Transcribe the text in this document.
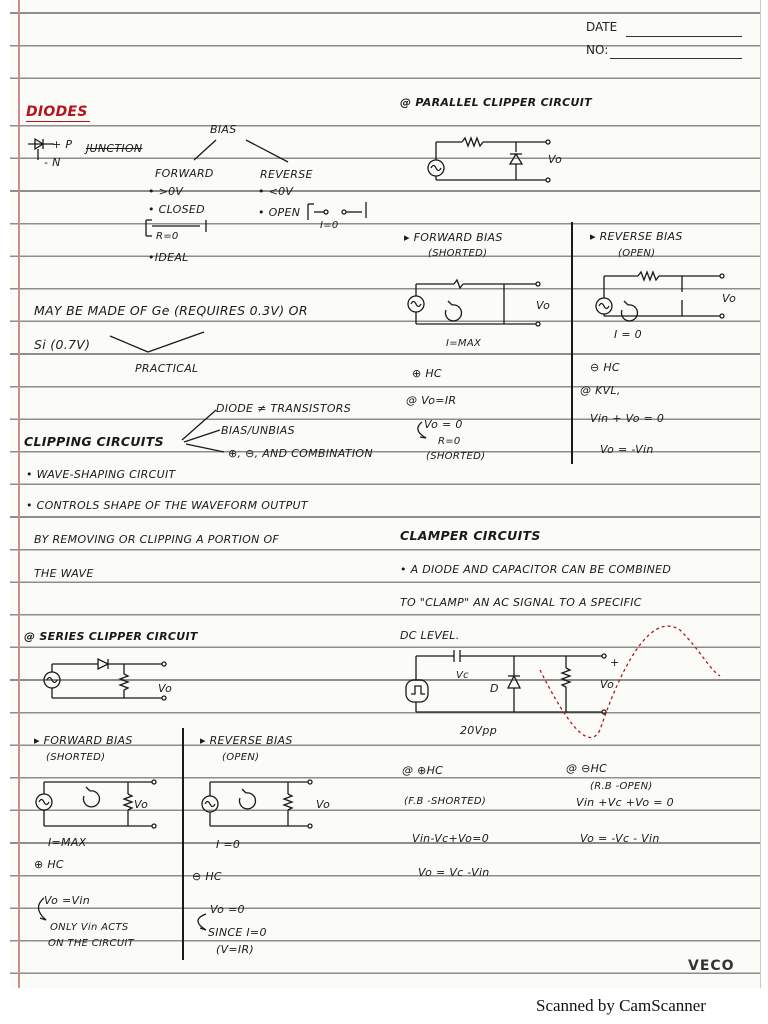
DATE
NO:
DIODES
+ P
- N
JUNCTION
BIAS
FORWARD	REVERSE
• >0V
• CLOSED
R=0
•IDEAL
• <0V
• OPEN
I=0
MAY BE MADE OF Ge (REQUIRES 0.3V) OR
Si (0.7V)
PRACTICAL
DIODE ≠ TRANSISTORS
BIAS/UNBIAS
⊕, ⊖, AND COMBINATION
CLIPPING CIRCUITS
• WAVE-SHAPING CIRCUIT
• CONTROLS SHAPE OF THE WAVEFORM OUTPUT
BY REMOVING OR CLIPPING A PORTION OF
THE WAVE
@ SERIES CLIPPER CIRCUIT
Vo
▸ FORWARD BIAS
(SHORTED)
Vo
I=MAX
▸ REVERSE BIAS
(OPEN)
Vo
I =0
⊕ HC
Vo =Vin
ONLY Vin ACTS
ON THE CIRCUIT
⊖ HC
Vo =0
SINCE I=0
(V=IR)
@ PARALLEL CLIPPER CIRCUIT
Vo
▸ FORWARD BIAS
(SHORTED)
Vo
I=MAX
▸ REVERSE BIAS
(OPEN)
Vo
I = 0
⊕ HC
@ Vo=IR
Vo = 0
R=0
(SHORTED)
⊖ HC
@ KVL,
Vin + Vo = 0
Vo = -Vin
CLAMPER CIRCUITS
• A DIODE AND CAPACITOR CAN BE COMBINED
TO "CLAMP" AN AC SIGNAL TO A SPECIFIC
DC LEVEL.
+
Vc
D	Vo
20Vpp
@ ⊕HC
(F.B -SHORTED)
Vin-Vc+Vo=0
Vo = Vc -Vin
@ ⊖HC
(R.B -OPEN)
Vin +Vc +Vo = 0
Vo = -Vc - Vin
VECO
Scanned by CamScanner
